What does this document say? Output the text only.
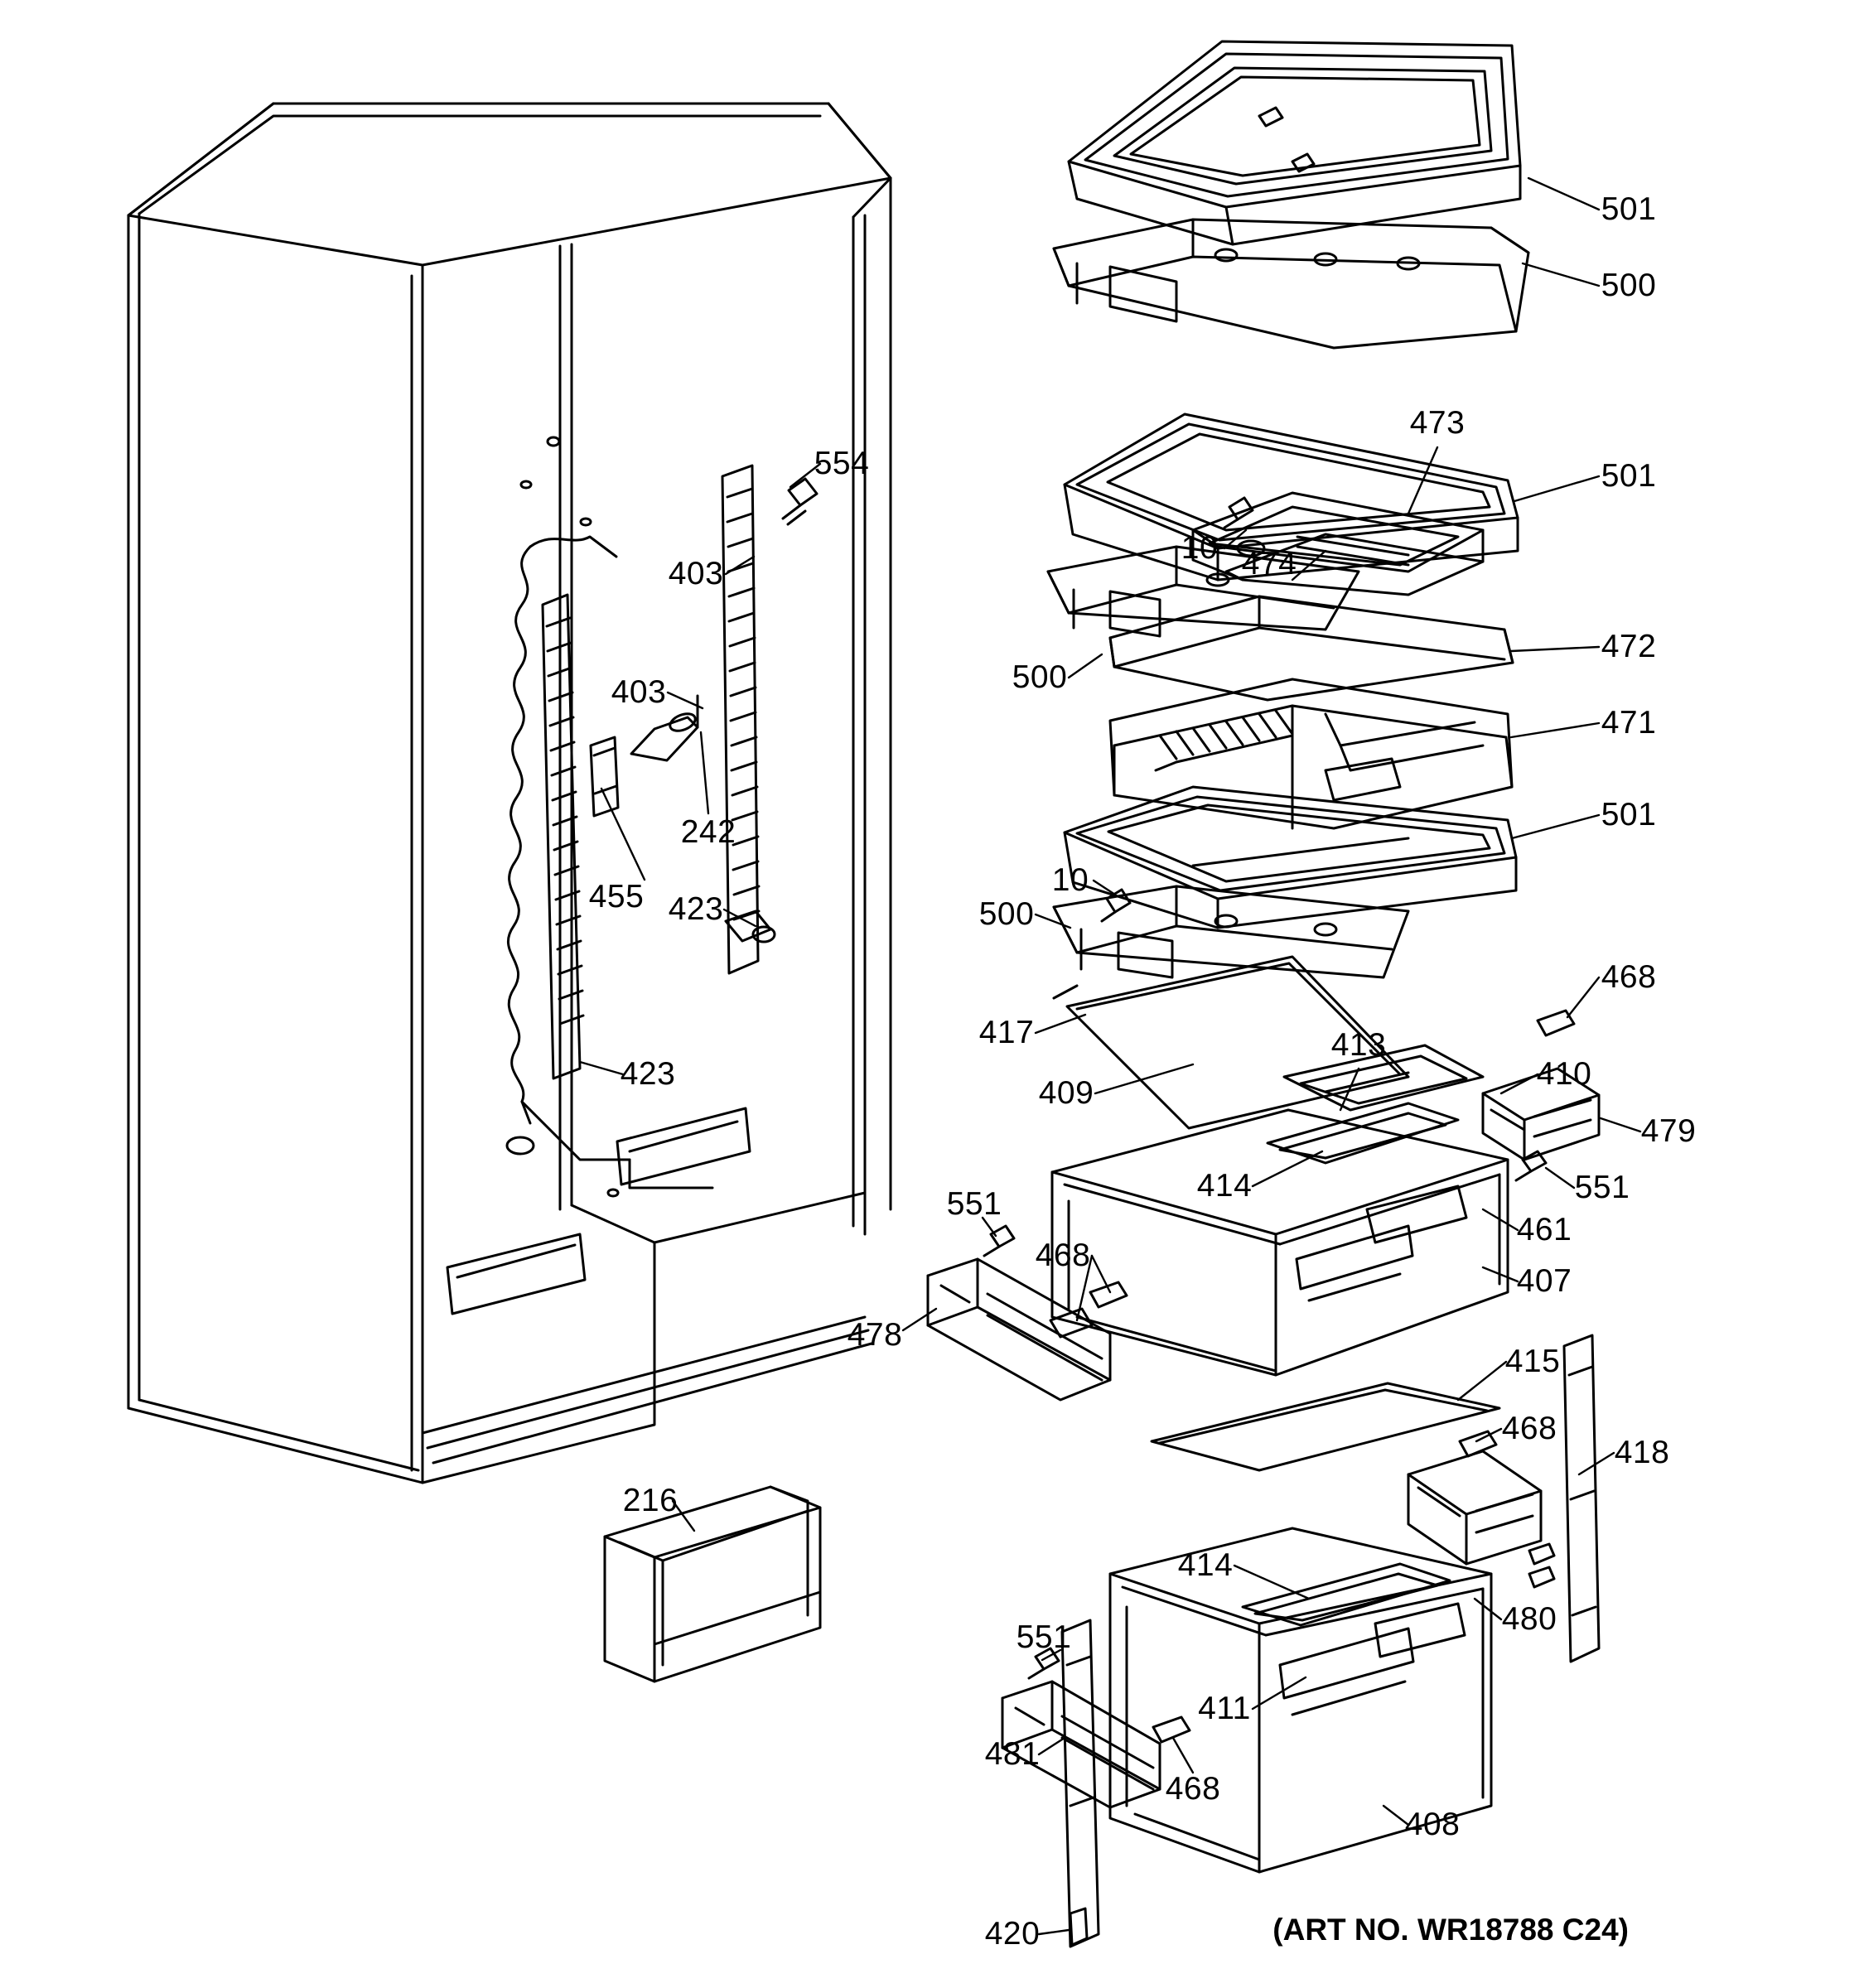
501
500
473
501
10 474
472
500
471
501
10
500
468
417	413
409
410
479
414	551
461
551
468
407
478
415
468
418
414
480
551
411
481
468
408
420
554
403
403
242
455 423
423
216
(ART NO. WR18788 C24)
